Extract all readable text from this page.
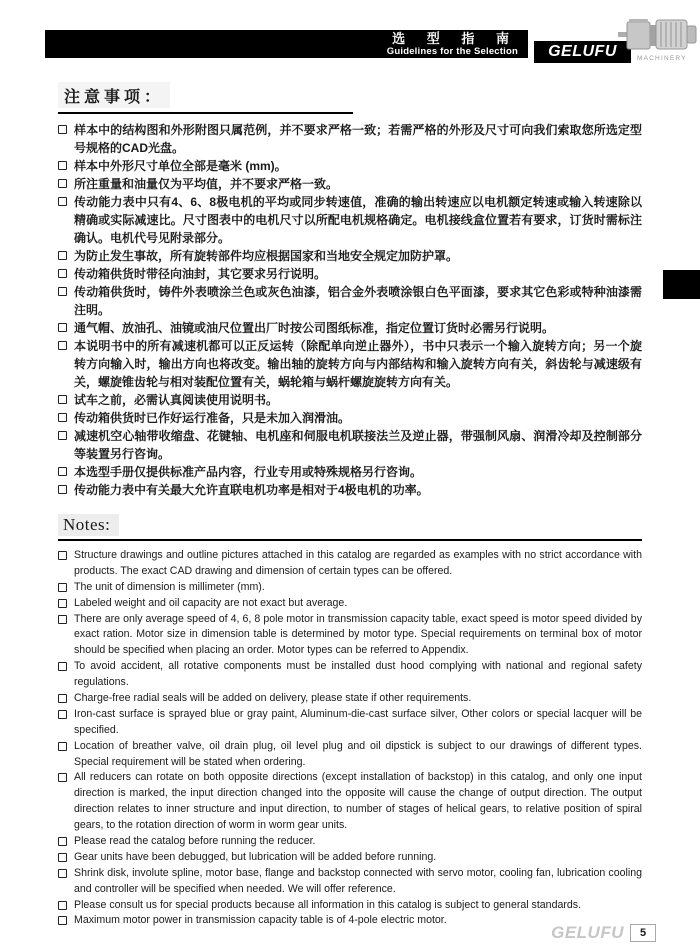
选 型 指 南
Guidelines for the Selection GELUFU	MACHINERY
注意事项：
样本中的结构图和外形附图只属范例，并不要求严格一致；若需严格的外形及尺寸可向我们索取您所选定型号规格的CAD光盘。
样本中外形尺寸单位全部是毫米 (mm)。
所注重量和油量仅为平均值，并不要求严格一致。
传动能力表中只有4、6、8极电机的平均或同步转速值，准确的输出转速应以电机额定转速或输入转速除以精确或实际减速比。尺寸图表中的电机尺寸以所配电机规格确定。电机接线盒位置若有要求，订货时需标注确认。电机代号见附录部分。
为防止发生事故，所有旋转部件均应根据国家和当地安全规定加防护罩。
传动箱供货时带径向油封，其它要求另行说明。
传动箱供货时，铸件外表喷涂兰色或灰色油漆，铝合金外表喷涂银白色平面漆，要求其它色彩或特种油漆需注明。
通气帽、放油孔、油镜或油尺位置出厂时按公司图纸标准，指定位置订货时必需另行说明。
本说明书中的所有减速机都可以正反运转（除配单向逆止器外），书中只表示一个输入旋转方向；另一个旋转方向输入时，输出方向也将改变。输出轴的旋转方向与内部结构和输入旋转方向有关，斜齿轮与减速级有关，螺旋锥齿轮与相对装配位置有关，蜗轮箱与蜗杆螺旋旋转方向有关。
试车之前，必需认真阅读使用说明书。
传动箱供货时已作好运行准备，只是未加入润滑油。
减速机空心轴带收缩盘、花键轴、电机座和伺服电机联接法兰及逆止器，带强制风扇、润滑冷却及控制部分等装置另行咨询。
本选型手册仅提供标准产品内容，行业专用或特殊规格另行咨询。
传动能力表中有关最大允许直联电机功率是相对于4极电机的功率。
Notes:
Structure drawings and outline pictures attached in this catalog are regarded as examples with no strict accordance with products. The exact CAD drawing and dimension of certain types can be offered.
The unit of dimension is millimeter (mm).
Labeled weight and oil capacity are not exact but average.
There are only average speed of 4, 6, 8 pole motor in transmission capacity table, exact speed is motor speed divided by exact ration. Motor size in dimension table is determined by motor type. Special requirements on terminal box of motor should be specified when placing an order. Motor types can be referred to Appendix.
To avoid accident, all rotative components must be installed dust hood complying with national and regional safety regulations.
Charge-free radial seals will be added on delivery, please state if other requirements.
Iron-cast surface is sprayed blue or gray paint, Aluminum-die-cast surface silver, Other colors or special lacquer will be specified.
Location of breather valve, oil drain plug, oil level plug and oil dipstick is subject to our drawings of different types. Special requirement will be stated when ordering.
All reducers can rotate on both opposite directions (except installation of backstop) in this catalog, and only one input direction is marked, the input direction changed into the opposite will cause the change of output direction. The output direction relates to inner structure and input direction, to number of stages of helical gears, to relative position of spiral gears, to the rotation direction of worm in worm gear units.
Please read the catalog before running the reducer.
Gear units have been debugged, but lubrication will be added before running.
Shrink disk, involute spline, motor base, flange and backstop connected with servo motor, cooling fan, lubrication cooling and controller will be specified when needed. We will offer reference.
Please consult us for special products because all information in this catalog is subject to general standards.
Maximum motor power in transmission capacity table is of 4-pole electric motor.
GELUFU	5
